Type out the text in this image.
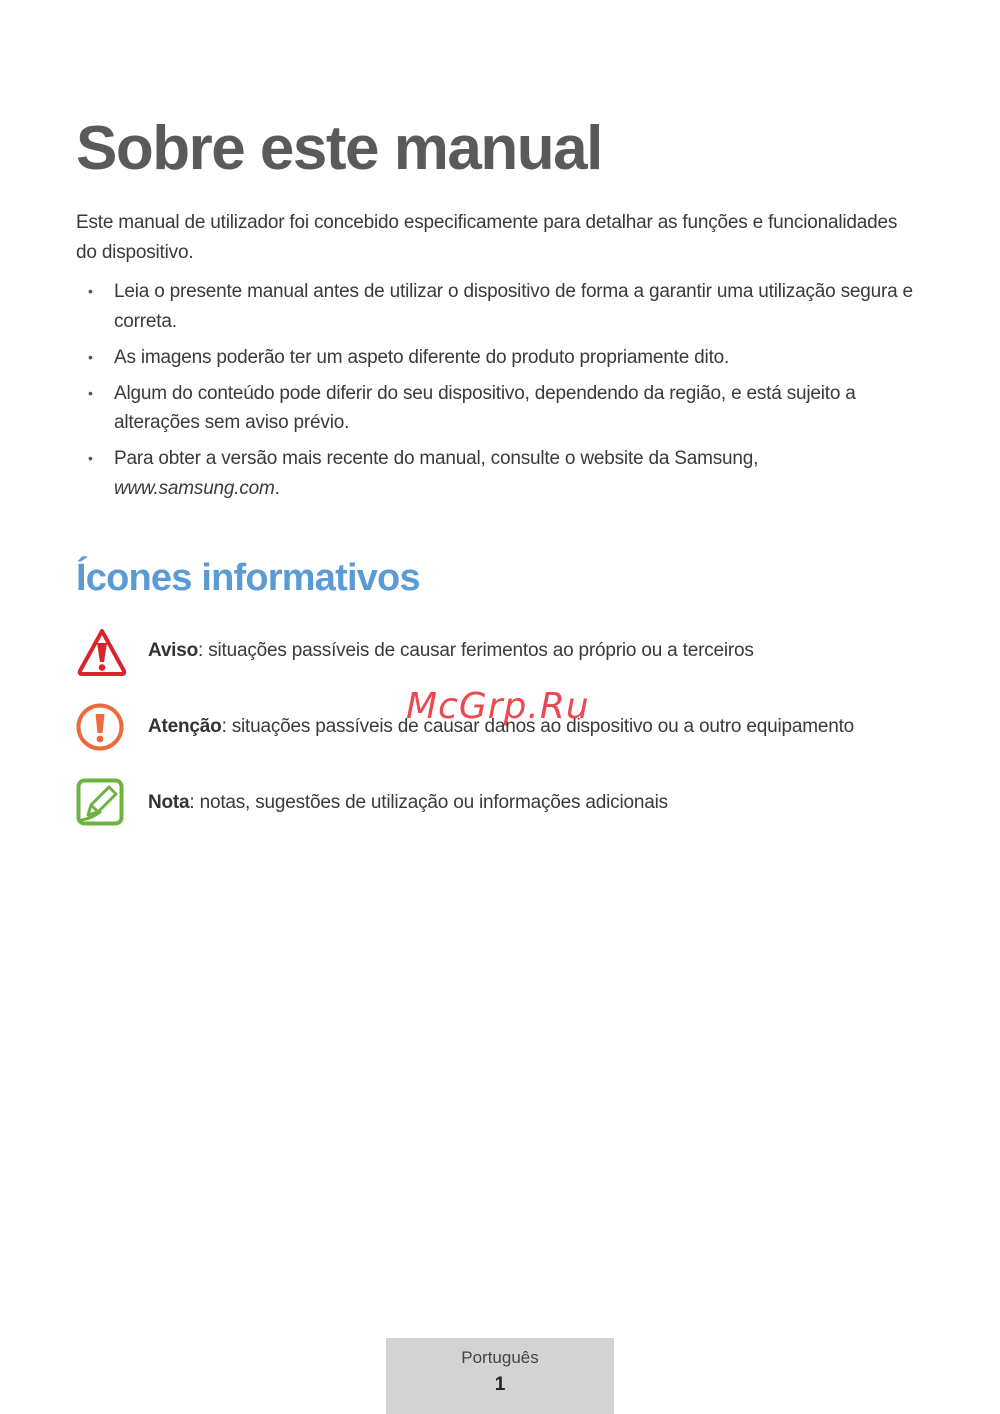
Sobre este manual

Este manual de utilizador foi concebido especificamente para detalhar as funções e funcionalidades do dispositivo.

• Leia o presente manual antes de utilizar o dispositivo de forma a garantir uma utilização segura e correta.
• As imagens poderão ter um aspeto diferente do produto propriamente dito.
• Algum do conteúdo pode diferir do seu dispositivo, dependendo da região, e está sujeito a alterações sem aviso prévio.
• Para obter a versão mais recente do manual, consulte o website da Samsung,
www.samsung.com.
Ícones informativos
Aviso: situações passíveis de causar ferimentos ao próprio ou a terceiros
Atenção: situações passíveis de causar danos ao dispositivo ou a outro equipamento
Nota: notas, sugestões de utilização ou informações adicionais
McGrp.Ru
Português
1
